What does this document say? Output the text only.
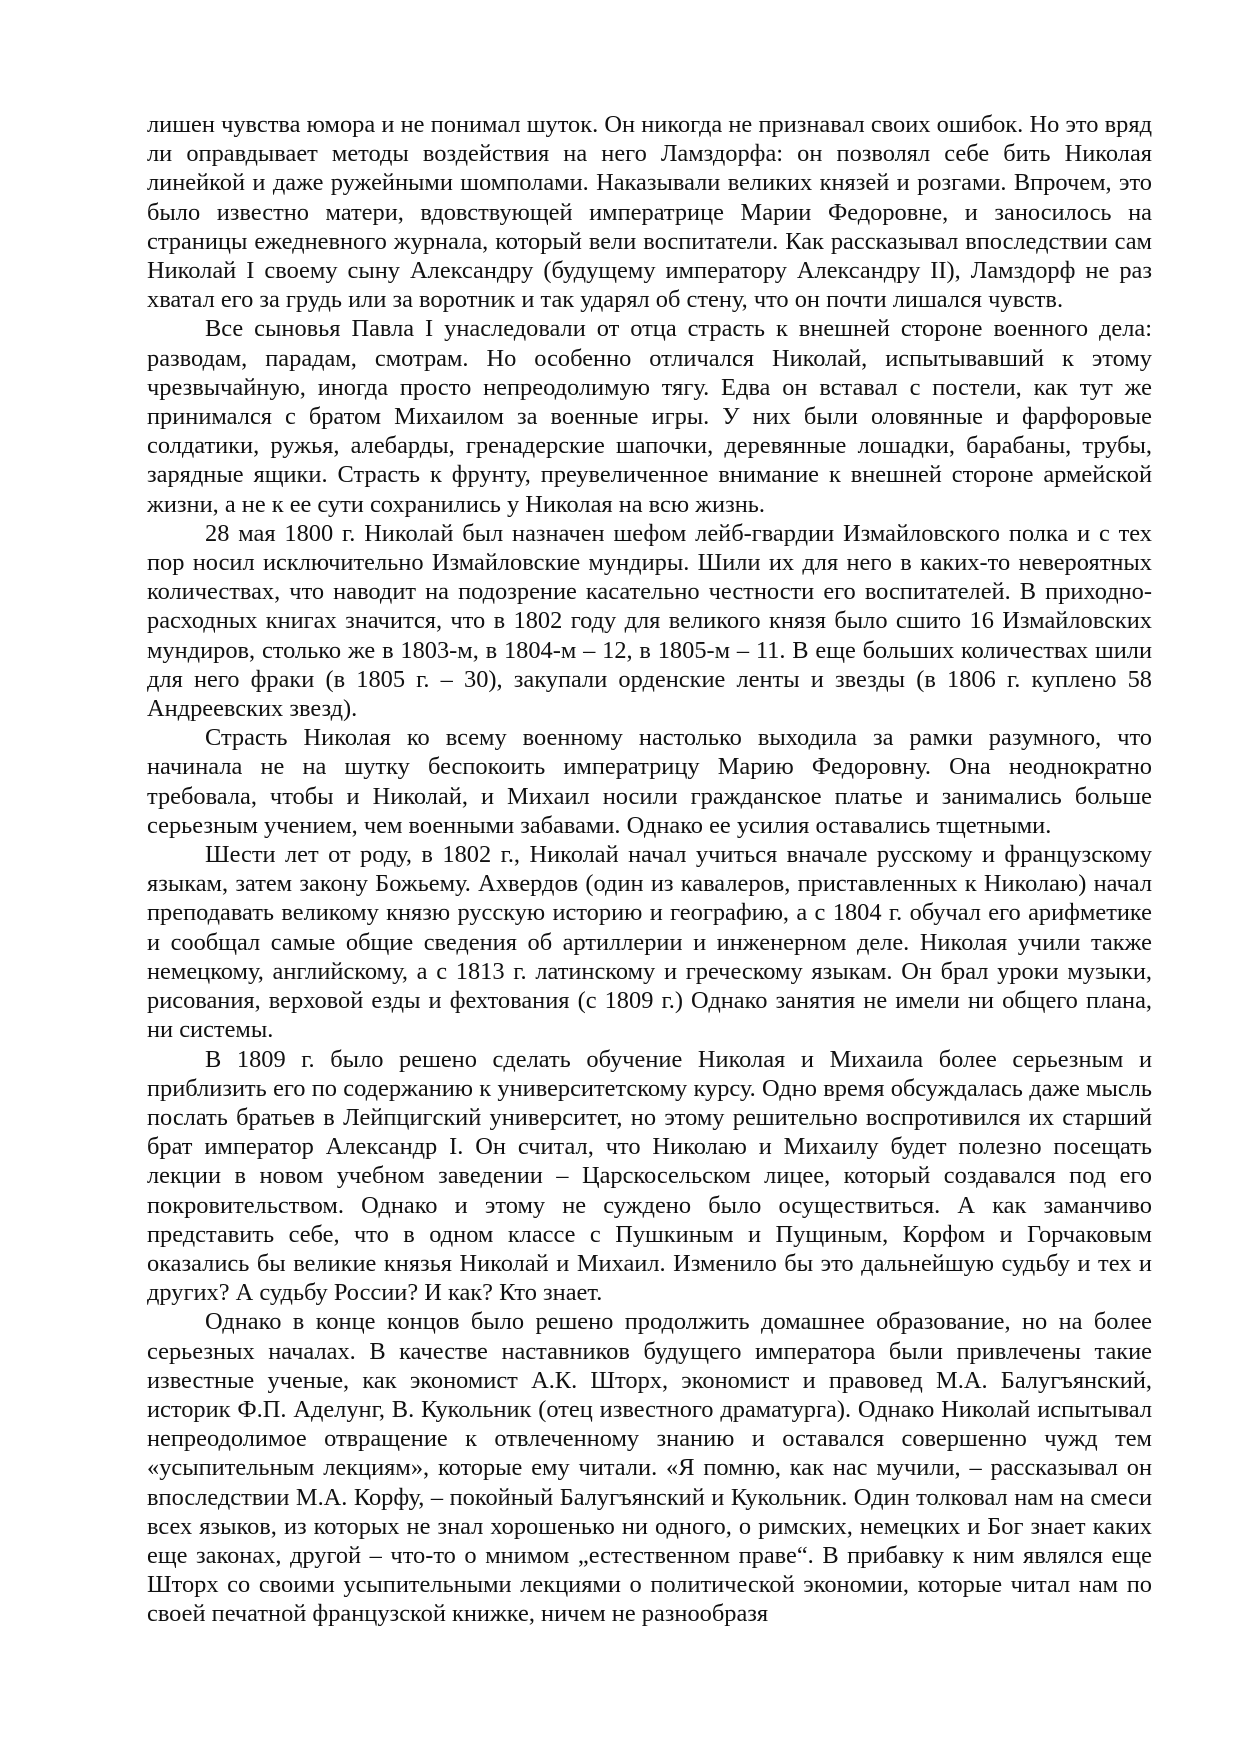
лишен чувства юмора и не понимал шуток. Он никогда не признавал своих ошибок. Но это вряд ли оправдывает методы воздействия на него Ламздорфа: он позволял себе бить Николая линейкой и даже ружейными шомполами. Наказывали великих князей и розгами. Впрочем, это было известно матери, вдовствующей императрице Марии Федоровне, и заносилось на страницы ежедневного журнала, который вели воспитатели. Как рассказывал впоследствии сам Николай I своему сыну Александру (будущему императору Александру II), Ламздорф не раз хватал его за грудь или за воротник и так ударял об стену, что он почти лишался чувств.

Все сыновья Павла I унаследовали от отца страсть к внешней стороне военного дела: разводам, парадам, смотрам. Но особенно отличался Николай, испытывавший к этому чрезвычайную, иногда просто непреодолимую тягу. Едва он вставал с постели, как тут же принимался с братом Михаилом за военные игры. У них были оловянные и фарфоровые солдатики, ружья, алебарды, гренадерские шапочки, деревянные лошадки, барабаны, трубы, зарядные ящики. Страсть к фрунту, преувеличенное внимание к внешней стороне армейской жизни, а не к ее сути сохранились у Николая на всю жизнь.

28 мая 1800 г. Николай был назначен шефом лейб-гвардии Измайловского полка и с тех пор носил исключительно Измайловские мундиры. Шили их для него в каких-то невероятных количествах, что наводит на подозрение касательно честности его воспитателей. В приходно-расходных книгах значится, что в 1802 году для великого князя было сшито 16 Измайловских мундиров, столько же в 1803-м, в 1804-м – 12, в 1805-м – 11. В еще больших количествах шили для него фраки (в 1805 г. – 30), закупали орденские ленты и звезды (в 1806 г. куплено 58 Андреевских звезд).

Страсть Николая ко всему военному настолько выходила за рамки разумного, что начинала не на шутку беспокоить императрицу Марию Федоровну. Она неоднократно требовала, чтобы и Николай, и Михаил носили гражданское платье и занимались больше серьезным учением, чем военными забавами. Однако ее усилия оставались тщетными.

Шести лет от роду, в 1802 г., Николай начал учиться вначале русскому и французскому языкам, затем закону Божьему. Ахвердов (один из кавалеров, приставленных к Николаю) начал преподавать великому князю русскую историю и географию, а с 1804 г. обучал его арифметике и сообщал самые общие сведения об артиллерии и инженерном деле. Николая учили также немецкому, английскому, а с 1813 г. латинскому и греческому языкам. Он брал уроки музыки, рисования, верховой езды и фехтования (с 1809 г.) Однако занятия не имели ни общего плана, ни системы.

В 1809 г. было решено сделать обучение Николая и Михаила более серьезным и приблизить его по содержанию к университетскому курсу. Одно время обсуждалась даже мысль послать братьев в Лейпцигский университет, но этому решительно воспротивился их старший брат император Александр I. Он считал, что Николаю и Михаилу будет полезно посещать лекции в новом учебном заведении – Царскосельском лицее, который создавался под его покровительством. Однако и этому не суждено было осуществиться. А как заманчиво представить себе, что в одном классе с Пушкиным и Пущиным, Корфом и Горчаковым оказались бы великие князья Николай и Михаил. Изменило бы это дальнейшую судьбу и тех и других? А судьбу России? И как? Кто знает.

Однако в конце концов было решено продолжить домашнее образование, но на более серьезных началах. В качестве наставников будущего императора были привлечены такие известные ученые, как экономист А.К. Шторх, экономист и правовед М.А. Балугъянский, историк Ф.П. Аделунг, В. Кукольник (отец известного драматурга). Однако Николай испытывал непреодолимое отвращение к отвлеченному знанию и оставался совершенно чужд тем «усыпительным лекциям», которые ему читали. «Я помню, как нас мучили, – рассказывал он впоследствии М.А. Корфу, – покойный Балугъянский и Кукольник. Один толковал нам на смеси всех языков, из которых не знал хорошенько ни одного, о римских, немецких и Бог знает каких еще законах, другой – что-то о мнимом „естественном праве“. В прибавку к ним являлся еще Шторх со своими усыпительными лекциями о политической экономии, которые читал нам по своей печатной французской книжке, ничем не разнообразя
